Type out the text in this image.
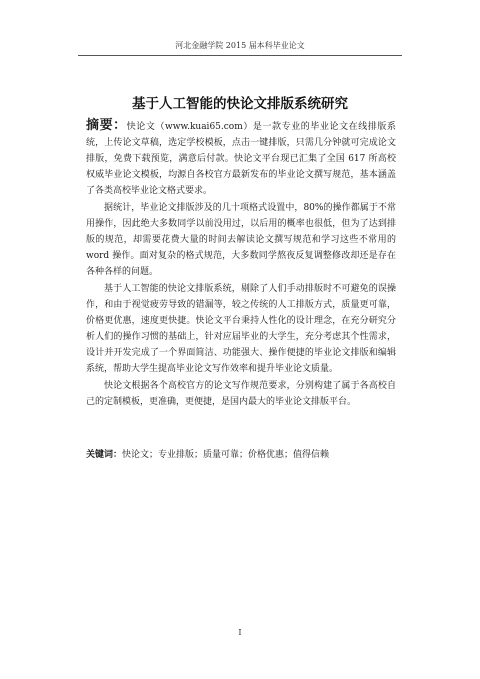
河北金融学院 2015 届本科毕业论文
基于人工智能的快论文排版系统研究

摘要：快论文（www.kuai65.com）是一款专业的毕业论文在线排版系统，上传论文草稿，选定学校模板，点击一键排版，只需几分钟就可完成论文排版，免费下载预览，满意后付款。快论文平台现已汇集了全国 617 所高校权威毕业论文模板，均源自各校官方最新发布的毕业论文撰写规范，基本涵盖了各类高校毕业论文格式要求。

据统计，毕业论文排版涉及的几十项格式设置中，80%的操作都属于不常用操作，因此绝大多数同学以前没用过，以后用的概率也很低，但为了达到排版的规范，却需要花费大量的时间去解读论文撰写规范和学习这些不常用的 word 操作。面对复杂的格式规范，大多数同学熬夜反复调整修改却还是存在各种各样的问题。

基于人工智能的快论文排版系统，剔除了人们手动排版时不可避免的误操作，和由于视觉疲劳导致的错漏等，较之传统的人工排版方式，质量更可靠，价格更优惠，速度更快捷。快论文平台秉持人性化的设计理念，在充分研究分析人们的操作习惯的基础上，针对应届毕业的大学生，充分考虑其个性需求，设计并开发完成了一个界面简洁、功能强大、操作便捷的毕业论文排版和编辑系统，帮助大学生提高毕业论文写作效率和提升毕业论文质量。

快论文根据各个高校官方的论文写作规范要求，分别构建了属于各高校自己的定制模板，更准确，更便捷，是国内最大的毕业论文排版平台。

关键词：快论文；专业排版；质量可靠；价格优惠；值得信赖
I
